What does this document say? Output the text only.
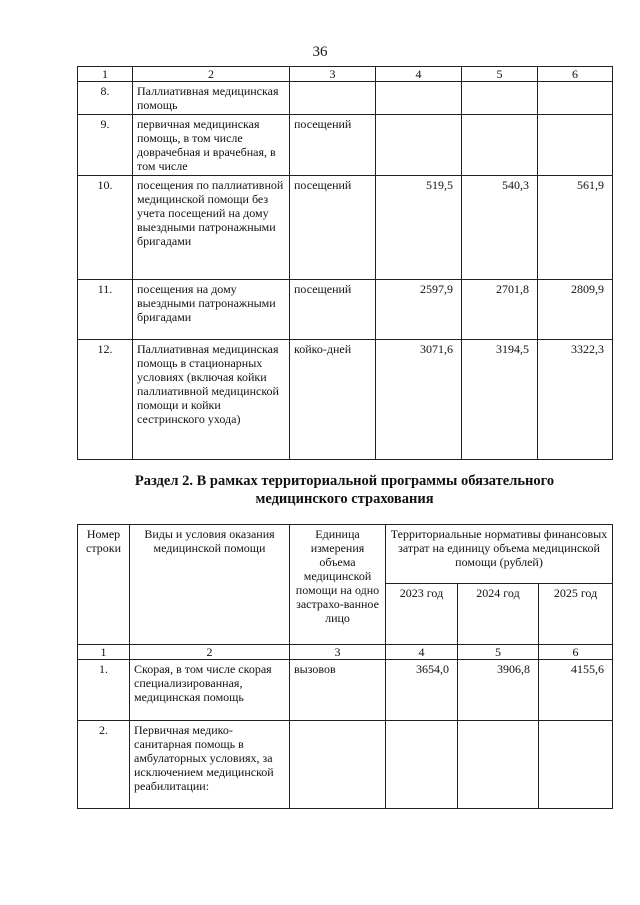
36
1	2	3	4	5	6
8.	Паллиативная медицинская помощь				
9.	первичная медицинская помощь, в том числе доврачебная и врачебная, в том числе	посещений			
10.	посещения по паллиативной медицинской помощи без учета посещений на дому выездными патронажными бригадами	посещений	519,5	540,3	561,9
11.	посещения на дому выездными патронажными бригадами	посещений	2597,9	2701,8	2809,9
12.	Паллиативная медицинская помощь в стационарных условиях (включая койки паллиативной медицинской помощи и койки сестринского ухода)	койко-дней	3071,6	3194,5	3322,3
Раздел 2. В рамках территориальной программы обязательного
медицинского страхования
Номер строки	Виды и условия оказания медицинской помощи	Единица измерения объема медицинской помощи на одно застрахо-ванное лицо	Территориальные нормативы финансовых затрат на единицу объема медицинской помощи (рублей)		
			2023 год	2024 год	2025 год
1	2	3	4	5	6
1.	Скорая, в том числе скорая специализированная, медицинская помощь	вызовов	3654,0	3906,8	4155,6
2.	Первичная медико-санитарная помощь в амбулаторных условиях, за исключением медицинской реабилитации:				
